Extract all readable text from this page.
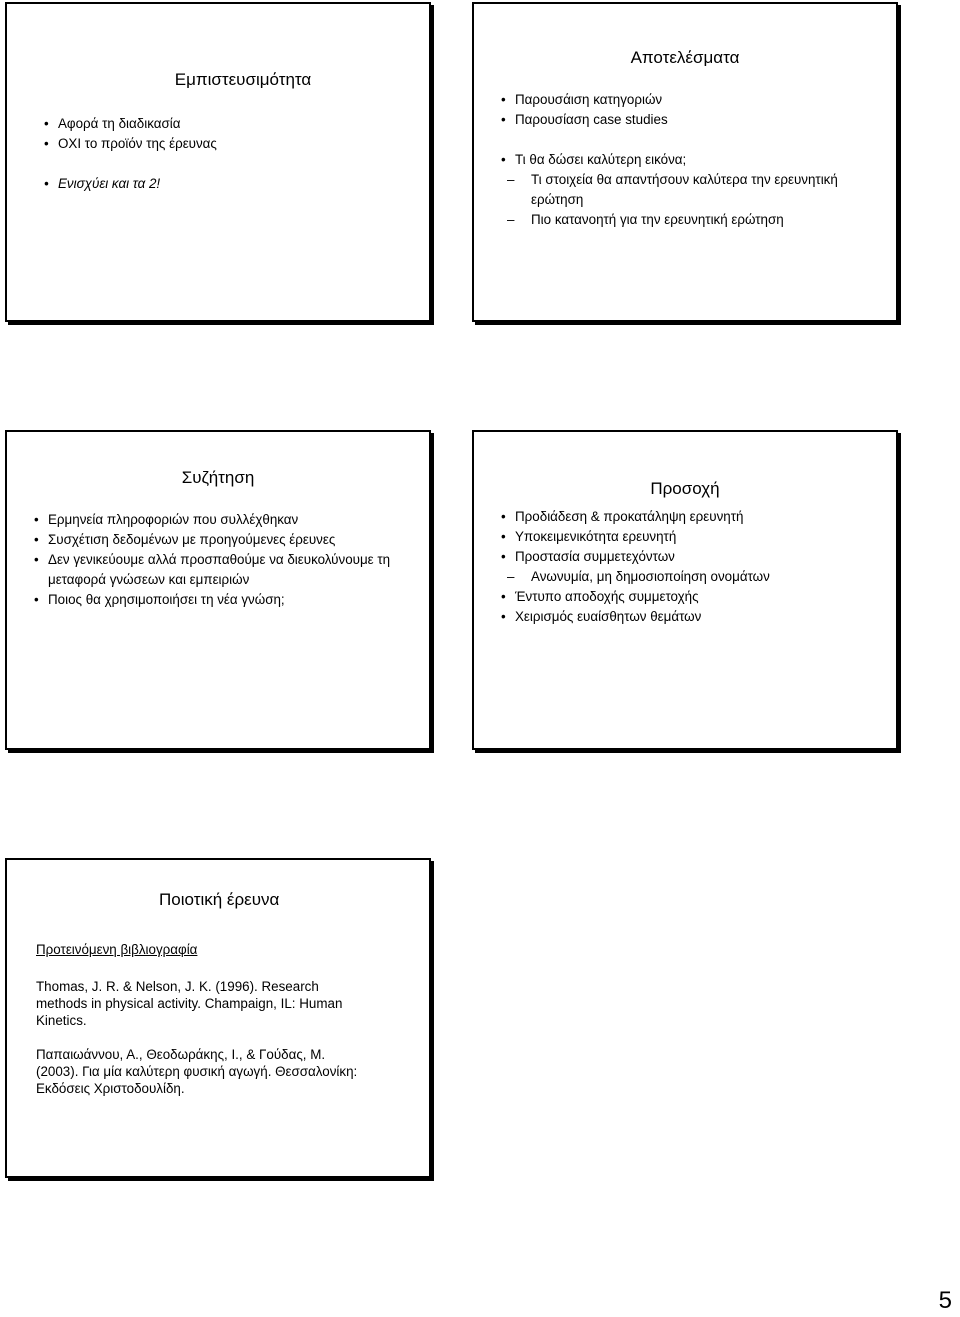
Εμπιστευσιμότητα
• Αφορά τη διαδικασία
• ΟΧΙ το προϊόν της έρευνας
• Ενισχύει και τα 2!
Αποτελέσματα
• Παρουσάιση κατηγοριών
• Παρουσίαση case studies
• Τι θα δώσει καλύτερη εικόνα;
– Τι στοιχεία θα απαντήσουν καλύτερα την ερευνητική ερώτηση
– Πιο κατανοητή για την ερευνητική ερώτηση
Συζήτηση
• Ερμηνεία πληροφοριών που συλλέχθηκαν
• Συσχέτιση δεδομένων με προηγούμενες έρευνες
• Δεν γενικεύουμε αλλά προσπαθούμε να διευκολύνουμε τη μεταφορά γνώσεων και εμπειριών
• Ποιος θα χρησιμοποιήσει τη νέα γνώση;
Προσοχή
• Προδιάδεση & προκατάληψη ερευνητή
• Υποκειμενικότητα ερευνητή
• Προστασία συμμετεχόντων
– Ανωνυμία, μη δημοσιοποίηση ονομάτων
• Έντυπο αποδοχής συμμετοχής
• Χειρισμός ευαίσθητων θεμάτων
Ποιοτική έρευνα
Προτεινόμενη βιβλιογραφία
Thomas, J. R. & Nelson, J. K. (1996). Research
methods in physical activity. Champaign, IL: Human
Kinetics.
Παπαιωάννου, Α., Θεοδωράκης, Ι., & Γούδας, Μ.
(2003). Για μία καλύτερη φυσική αγωγή. Θεσσαλονίκη:
Εκδόσεις Χριστοδουλίδη.
5
